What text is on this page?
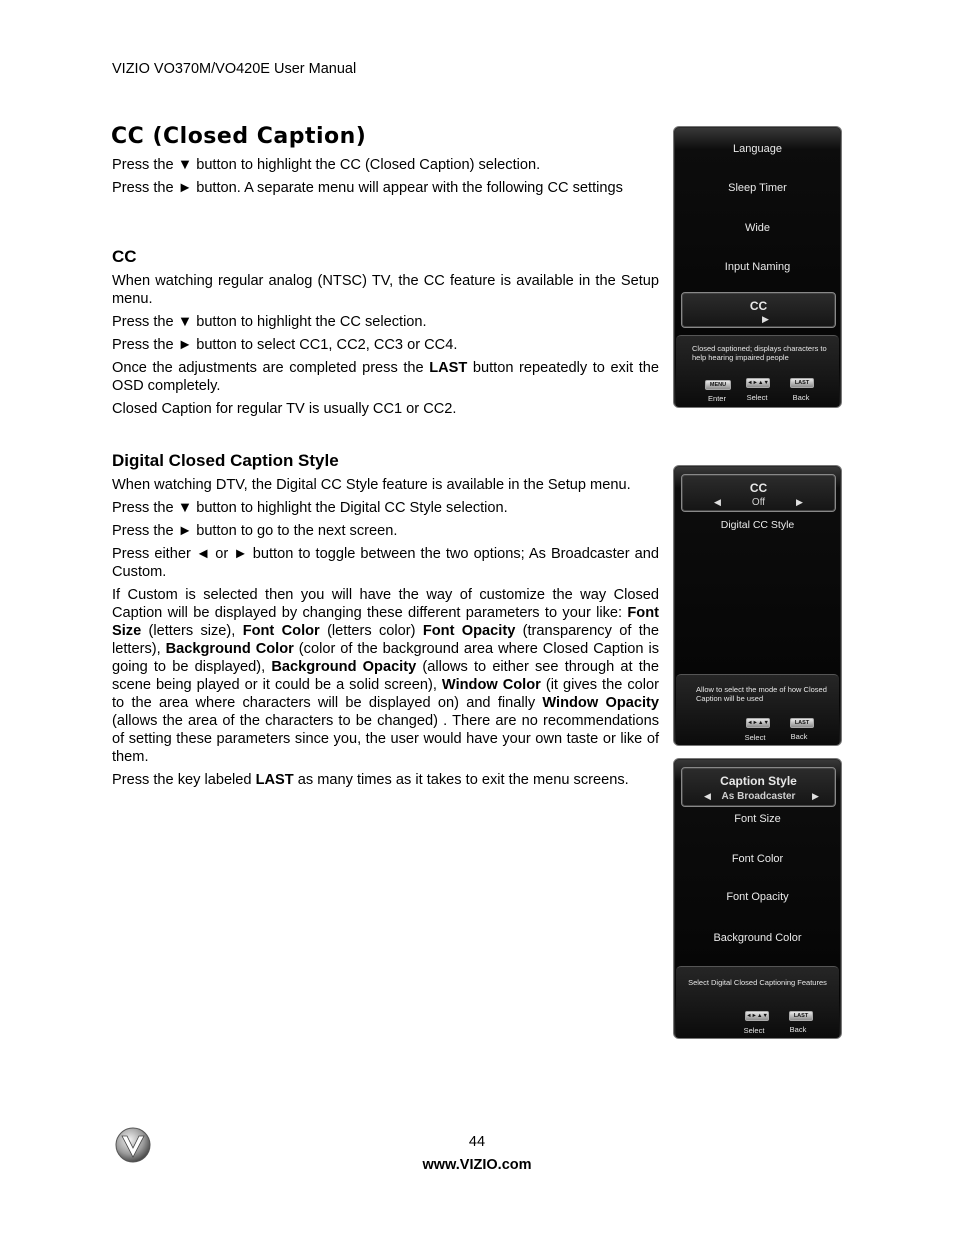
VIZIO VO370M/VO420E User Manual
CC (Closed Caption)

Press the ▼ button to highlight the CC (Closed Caption) selection.

Press the ► button. A separate menu will appear with the following CC settings

CC

When watching regular analog (NTSC) TV, the CC feature is available in the Setup menu.

Press the ▼ button to highlight the CC selection.

Press the ► button to select CC1, CC2, CC3 or CC4.

Once the adjustments are completed press the LAST button repeatedly to exit the OSD completely.

Closed Caption for regular TV is usually CC1 or CC2.

Digital Closed Caption Style

When watching DTV, the Digital CC Style feature is available in the Setup menu.

Press the ▼ button to highlight the Digital CC Style selection.

Press the ► button to go to the next screen.

Press either ◄ or ► button to toggle between the two options; As Broadcaster and Custom.

If Custom is selected then you will have the way of customize the way Closed Caption will be displayed by changing these different parameters to your like: Font Size (letters size), Font Color (letters color) Font Opacity (transparency of the letters), Background Color (color of the background area where Closed Caption is going to be displayed), Background Opacity (allows to either see through at the scene being played or it could be a solid screen), Window Color (it gives the color to the area where characters will be displayed on) and finally Window Opacity (allows the area of the characters to be changed) . There are no recommendations of setting these parameters since you, the user would have your own taste or like of them.

Press the key labeled LAST as many times as it takes to exit the menu screens.

Language
Sleep Timer
Wide
Input Naming
CC
▶
Closed captioned; displays characters to help hearing impaired people
MENU	◄►▲▼	LAST
Enter	Select	Back
CC
Off
◀	▶
Digital CC Style
Allow to select the mode of how Closed Caption will be used
◄►▲▼	LAST
Select	Back
Caption Style
As Broadcaster
◀	▶
Font Size
Font Color
Font Opacity
Background Color
Select Digital Closed Captioning Features
◄►▲▼	LAST
Select	Back
44
www.VIZIO.com
